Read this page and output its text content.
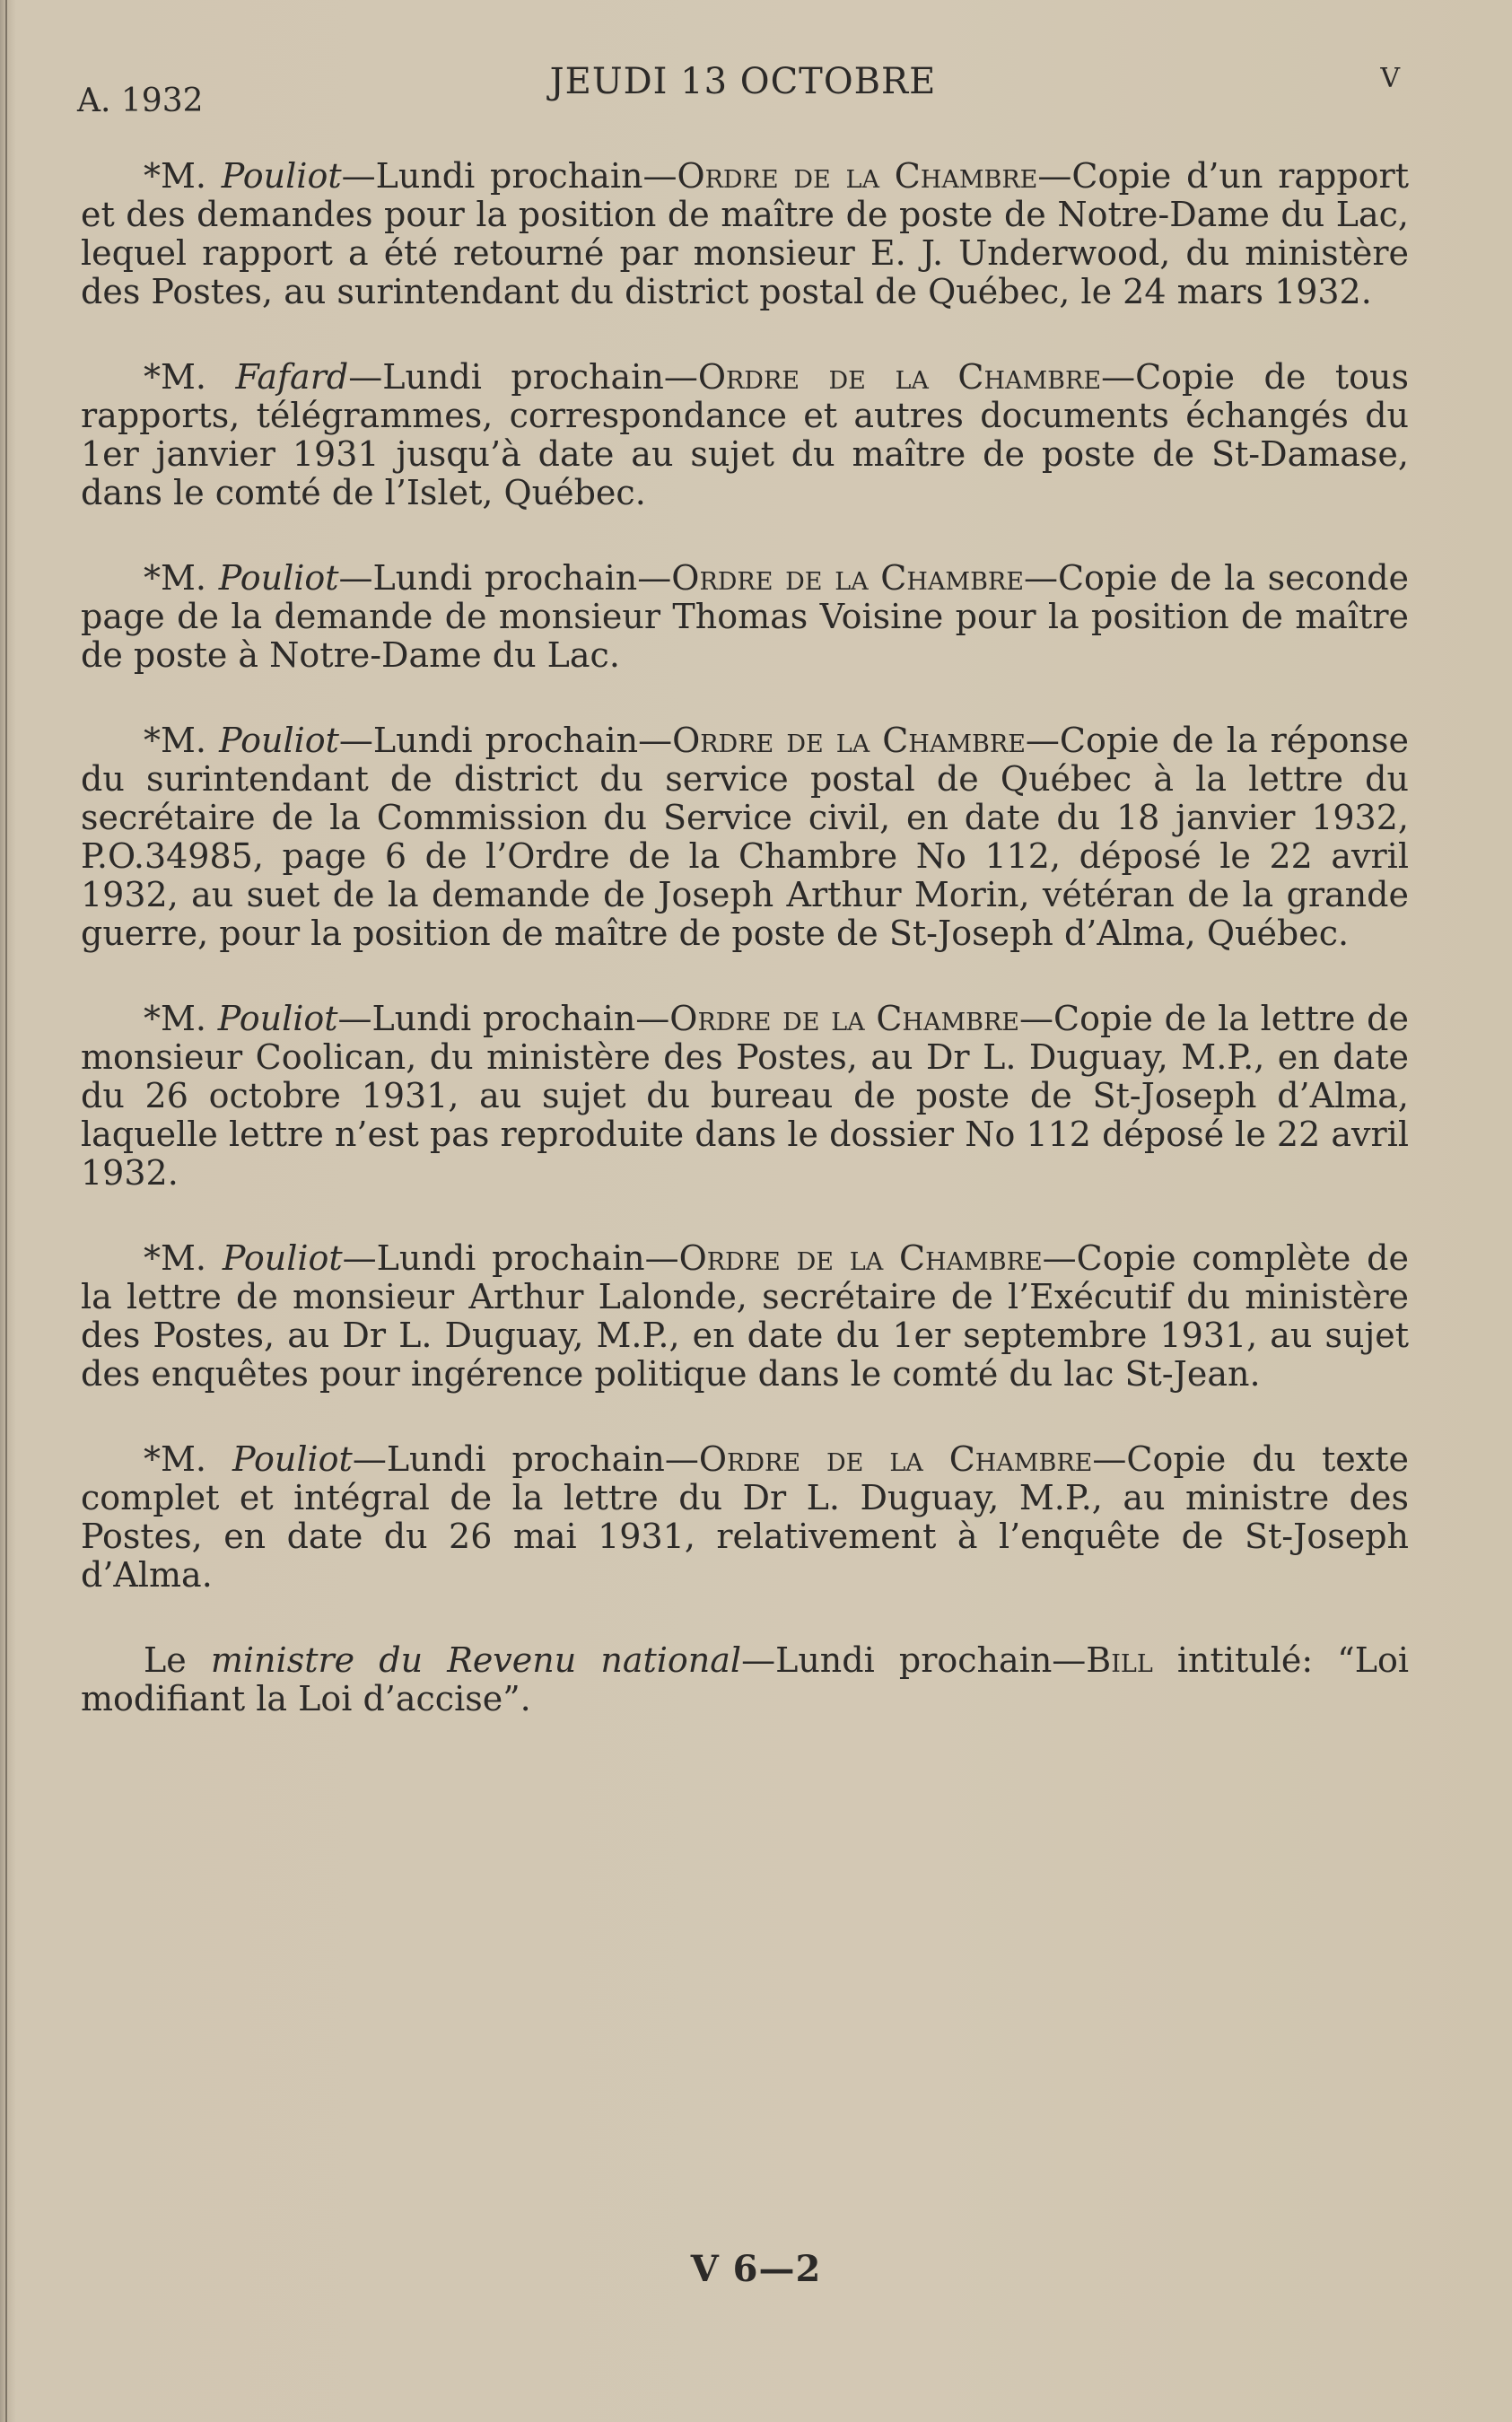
A. 1932	JEUDI 13 OCTOBRE	V

*M. Pouliot—Lundi prochain—Ordre de la Chambre—Copie d’un rapport et des demandes pour la position de maître de poste de Notre-Dame du Lac, lequel rapport a été retourné par monsieur E. J. Underwood, du ministère des Postes, au surintendant du district postal de Québec, le 24 mars 1932.

*M. Fafard—Lundi prochain—Ordre de la Chambre—Copie de tous rapports, télégrammes, correspondance et autres documents échangés du 1er janvier 1931 jusqu’à date au sujet du maître de poste de St-Damase, dans le comté de l’Islet, Québec.

*M. Pouliot—Lundi prochain—Ordre de la Chambre—Copie de la seconde page de la demande de monsieur Thomas Voisine pour la position de maître de poste à Notre-Dame du Lac.

*M. Pouliot—Lundi prochain—Ordre de la Chambre—Copie de la réponse du surintendant de district du service postal de Québec à la lettre du secrétaire de la Commission du Service civil, en date du 18 janvier 1932, P.O.34985, page 6 de l’Ordre de la Chambre No 112, déposé le 22 avril 1932, au suet de la demande de Joseph Arthur Morin, vétéran de la grande guerre, pour la position de maître de poste de St-Joseph d’Alma, Québec.

*M. Pouliot—Lundi prochain—Ordre de la Chambre—Copie de la lettre de monsieur Coolican, du ministère des Postes, au Dr L. Duguay, M.P., en date du 26 octobre 1931, au sujet du bureau de poste de St-Joseph d’Alma, laquelle lettre n’est pas reproduite dans le dossier No 112 déposé le 22 avril 1932.

*M. Pouliot—Lundi prochain—Ordre de la Chambre—Copie complète de la lettre de monsieur Arthur Lalonde, secrétaire de l’Exécutif du ministère des Postes, au Dr L. Duguay, M.P., en date du 1er septembre 1931, au sujet des enquêtes pour ingérence politique dans le comté du lac St-Jean.

*M. Pouliot—Lundi prochain—Ordre de la Chambre—Copie du texte complet et intégral de la lettre du Dr L. Duguay, M.P., au ministre des Postes, en date du 26 mai 1931, relativement à l’enquête de St-Joseph d’Alma.

Le ministre du Revenu national—Lundi prochain—Bill intitulé: “Loi modifiant la Loi d’accise”.

V 6—2
